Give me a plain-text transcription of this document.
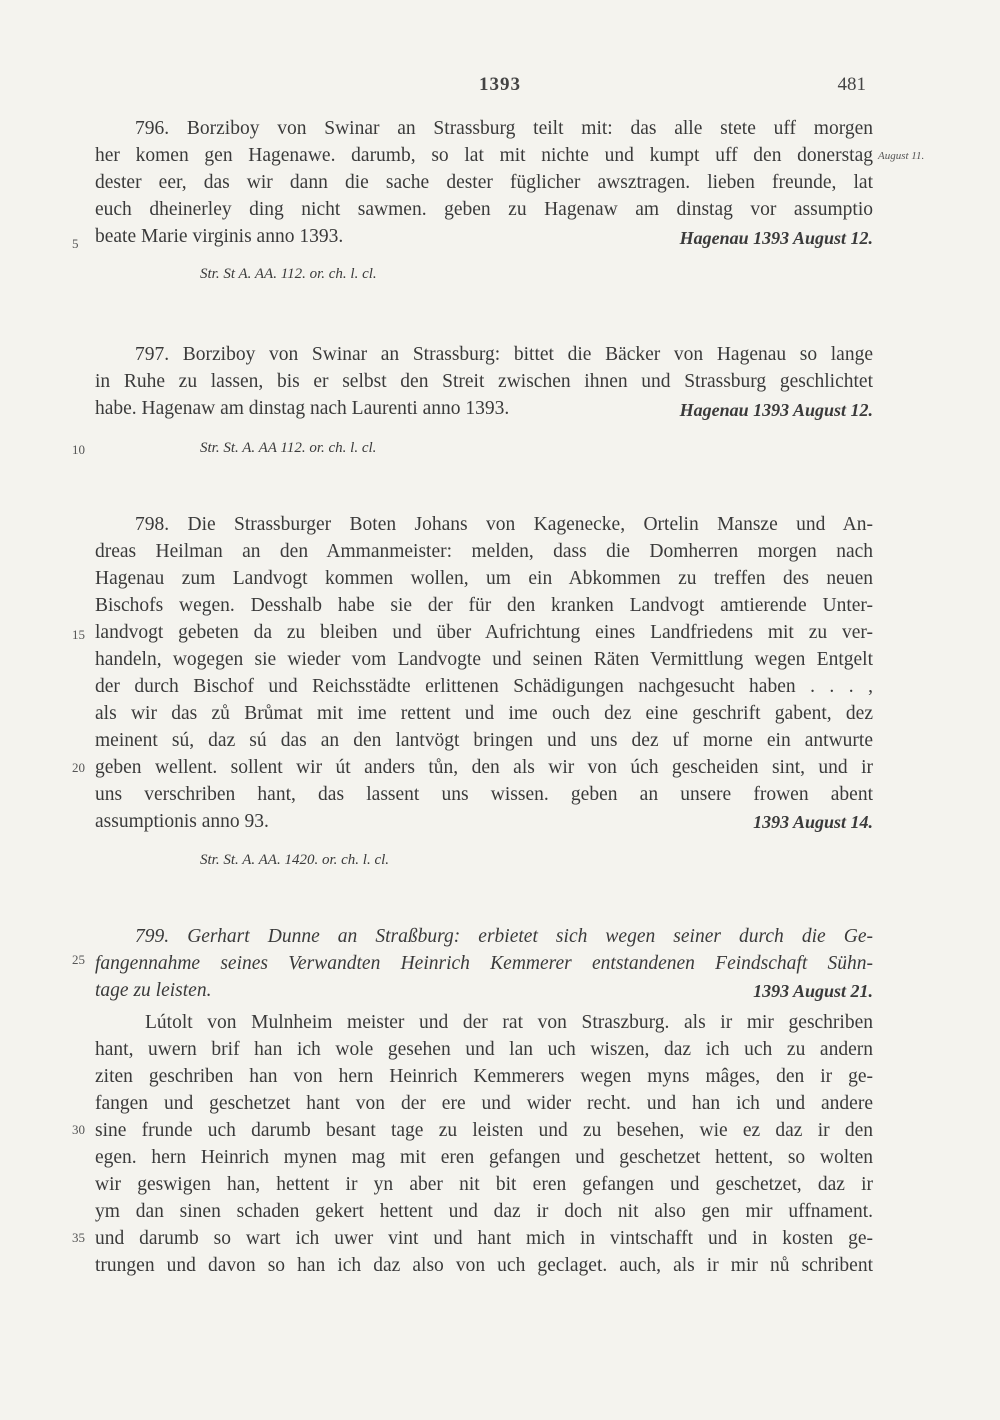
1393	481
August 11.
5
10
15
20
25
30
35
796. Borziboy von Swinar an Strassburg teilt mit: das alle stete uff morgen
her komen gen Hagenawe. darumb, so lat mit nichte und kumpt uff den donerstag
dester eer, das wir dann die sache dester füglicher awsztragen. lieben freunde, lat
euch dheinerley ding nicht sawmen. geben zu Hagenaw am dinstag vor assumptio
beate Marie virginis anno 1393.	Hagenau 1393 August 12.
Str. St A. AA. 112. or. ch. l. cl.
797. Borziboy von Swinar an Strassburg: bittet die Bäcker von Hagenau so lange
in Ruhe zu lassen, bis er selbst den Streit zwischen ihnen und Strassburg geschlichtet
habe. Hagenaw am dinstag nach Laurenti anno 1393.	Hagenau 1393 August 12.
Str. St. A. AA 112. or. ch. l. cl.
798. Die Strassburger Boten Johans von Kagenecke, Ortelin Mansze und An-
dreas Heilman an den Ammanmeister: melden, dass die Domherren morgen nach
Hagenau zum Landvogt kommen wollen, um ein Abkommen zu treffen des neuen
Bischofs wegen. Desshalb habe sie der für den kranken Landvogt amtierende Unter-
landvogt gebeten da zu bleiben und über Aufrichtung eines Landfriedens mit zu ver-
handeln, wogegen sie wieder vom Landvogte und seinen Räten Vermittlung wegen Entgelt
der durch Bischof und Reichsstädte erlittenen Schädigungen nachgesucht haben . . . ,
als wir das zů Brůmat mit ime rettent und ime ouch dez eine geschrift gabent, dez
meinent sú, daz sú das an den lantvögt bringen und uns dez uf morne ein antwurte
geben wellent. sollent wir út anders tůn, den als wir von úch gescheiden sint, und ir
uns verschriben hant, das lassent uns wissen. geben an unsere frowen abent
assumptionis anno 93.	1393 August 14.
Str. St. A. AA. 1420. or. ch. l. cl.
799. Gerhart Dunne an Straßburg: erbietet sich wegen seiner durch die Ge-
fangennahme seines Verwandten Heinrich Kemmerer entstandenen Feindschaft Sühn-
tage zu leisten.	1393 August 21.
Lútolt von Mulnheim meister und der rat von Straszburg. als ir mir geschriben
hant, uwern brif han ich wole gesehen und lan uch wiszen, daz ich uch zu andern
ziten geschriben han von hern Heinrich Kemmerers wegen myns mâges, den ir ge-
fangen und geschetzet hant von der ere und wider recht. und han ich und andere
sine frunde uch darumb besant tage zu leisten und zu besehen, wie ez daz ir den
egen. hern Heinrich mynen mag mit eren gefangen und geschetzet hettent, so wolten
wir geswigen han, hettent ir yn aber nit bit eren gefangen und geschetzet, daz ir
ym dan sinen schaden gekert hettent und daz ir doch nit also gen mir uffnament.
und darumb so wart ich uwer vint und hant mich in vintschafft und in kosten ge-
trungen und davon so han ich daz also von uch geclaget. auch, als ir mir nů schribent
